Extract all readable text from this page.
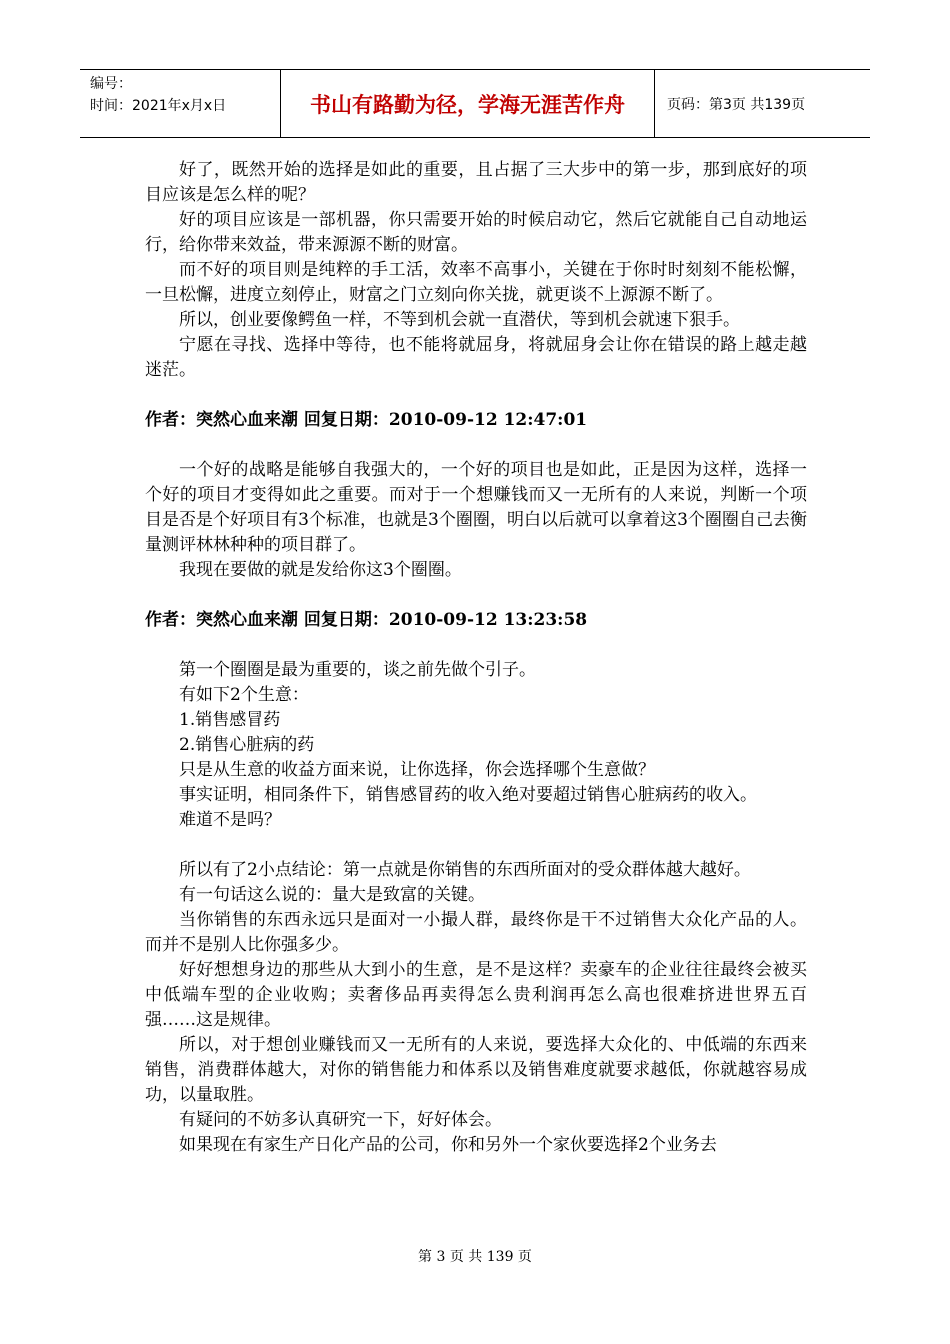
编号：
时间：2021年x月x日	书山有路勤为径，学海无涯苦作舟	页码：第3页 共139页

好了，既然开始的选择是如此的重要，且占据了三大步中的第一步，那到底好的项目应该是怎么样的呢？

好的项目应该是一部机器，你只需要开始的时候启动它，然后它就能自己自动地运行，给你带来效益，带来源源不断的财富。

而不好的项目则是纯粹的手工活，效率不高事小，关键在于你时时刻刻不能松懈，一旦松懈，进度立刻停止，财富之门立刻向你关拢，就更谈不上源源不断了。

所以，创业要像鳄鱼一样，不等到机会就一直潜伏，等到机会就速下狠手。

宁愿在寻找、选择中等待，也不能将就屈身，将就屈身会让你在错误的路上越走越迷茫。

作者：突然心血来潮 回复日期：2010-09-12 12:47:01

一个好的战略是能够自我强大的，一个好的项目也是如此，正是因为这样，选择一个好的项目才变得如此之重要。而对于一个想赚钱而又一无所有的人来说，判断一个项目是否是个好项目有3个标准，也就是3个圈圈，明白以后就可以拿着这3个圈圈自己去衡量测评林林种种的项目群了。

我现在要做的就是发给你这3个圈圈。

作者：突然心血来潮 回复日期：2010-09-12 13:23:58

第一个圈圈是最为重要的，谈之前先做个引子。

有如下2个生意：

1.销售感冒药

2.销售心脏病的药

只是从生意的收益方面来说，让你选择，你会选择哪个生意做？

事实证明，相同条件下，销售感冒药的收入绝对要超过销售心脏病药的收入。

难道不是吗？

所以有了2小点结论：第一点就是你销售的东西所面对的受众群体越大越好。

有一句话这么说的：量大是致富的关键。

当你销售的东西永远只是面对一小撮人群，最终你是干不过销售大众化产品的人。而并不是别人比你强多少。

好好想想身边的那些从大到小的生意，是不是这样？卖豪车的企业往往最终会被买中低端车型的企业收购；卖奢侈品再卖得怎么贵利润再怎么高也很难挤进世界五百强……这是规律。

所以，对于想创业赚钱而又一无所有的人来说，要选择大众化的、中低端的东西来销售，消费群体越大，对你的销售能力和体系以及销售难度就要求越低，你就越容易成功，以量取胜。

有疑问的不妨多认真研究一下，好好体会。

如果现在有家生产日化产品的公司，你和另外一个家伙要选择2个业务去

第 3 页 共 139 页
